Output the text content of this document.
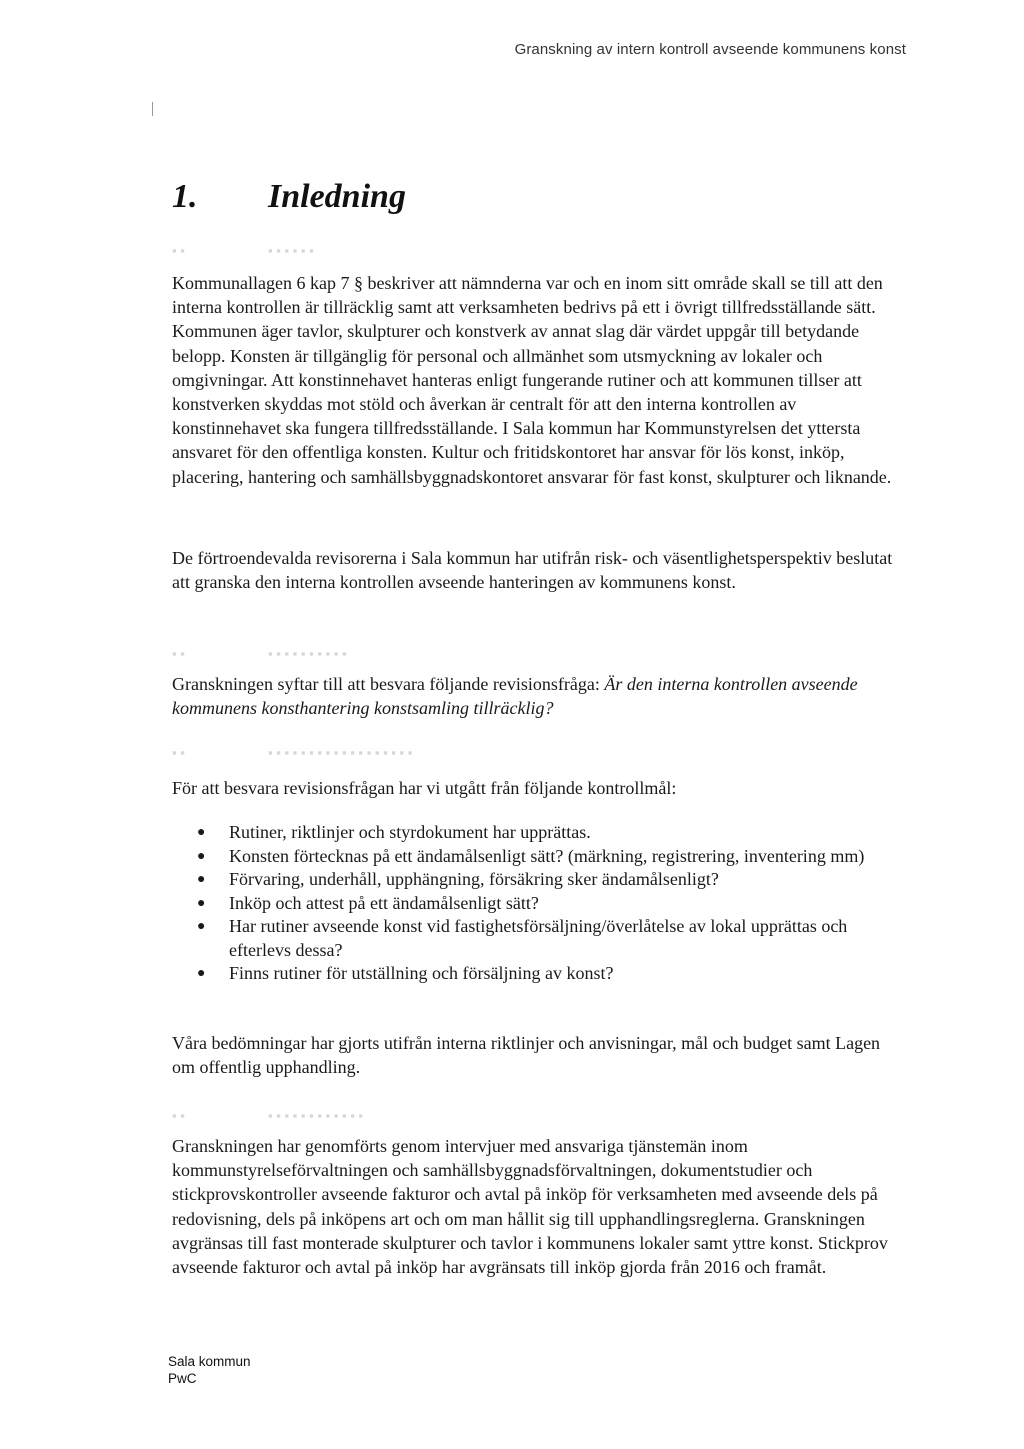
Granskning av intern kontroll avseende kommunens konst
1.	Inledning
▪ ▪	▪ ▪ ▪ ▪ ▪ ▪

Kommunallagen 6 kap 7 § beskriver att nämnderna var och en inom sitt område skall se till att den interna kontrollen är tillräcklig samt att verksamheten bedrivs på ett i övrigt tillfredsställande sätt. Kommunen äger tavlor, skulpturer och konstverk av annat slag där värdet uppgår till betydande belopp. Konsten är tillgänglig för personal och allmänhet som utsmyckning av lokaler och omgivningar. Att konstinnehavet hanteras enligt fungerande rutiner och att kommunen tillser att konstverken skyddas mot stöld och åverkan är centralt för att den interna kontrollen av konstinnehavet ska fungera tillfredsställande. I Sala kommun har Kommunstyrelsen det yttersta ansvaret för den offentliga konsten. Kultur och fritidskontoret har ansvar för lös konst, inköp, placering, hantering och samhällsbyggnadskontoret ansvarar för fast konst, skulpturer och liknande.

De förtroendevalda revisorerna i Sala kommun har utifrån risk- och väsentlighetsperspektiv beslutat att granska den interna kontrollen avseende hanteringen av kommunens konst.

▪ ▪	▪ ▪ ▪ ▪ ▪ ▪ ▪ ▪ ▪ ▪

Granskningen syftar till att besvara följande revisionsfråga: Är den interna kontrollen avseende kommunens konsthantering konstsamling tillräcklig?

▪ ▪	▪ ▪ ▪ ▪ ▪ ▪ ▪ ▪ ▪ ▪ ▪ ▪ ▪ ▪ ▪ ▪ ▪ ▪

För att besvara revisionsfrågan har vi utgått från följande kontrollmål:

● Rutiner, riktlinjer och styrdokument har upprättas.
● Konsten förtecknas på ett ändamålsenligt sätt? (märkning, registrering, inventering mm)
● Förvaring, underhåll, upphängning, försäkring sker ändamålsenligt?
● Inköp och attest på ett ändamålsenligt sätt?
● Har rutiner avseende konst vid fastighetsförsäljning/överlåtelse av lokal upprättas och efterlevs dessa?
● Finns rutiner för utställning och försäljning av konst?

Våra bedömningar har gjorts utifrån interna riktlinjer och anvisningar, mål och budget samt Lagen om offentlig upphandling.

▪ ▪	▪ ▪ ▪ ▪ ▪ ▪ ▪ ▪ ▪ ▪ ▪ ▪

Granskningen har genomförts genom intervjuer med ansvariga tjänstemän inom kommunstyrelseförvaltningen och samhällsbyggnadsförvaltningen, dokumentstudier och stickprovskontroller avseende fakturor och avtal på inköp för verksamheten med avseende dels på redovisning, dels på inköpens art och om man hållit sig till upphandlingsreglerna. Granskningen avgränsas till fast monterade skulpturer och tavlor i kommunens lokaler samt yttre konst. Stickprov avseende fakturor och avtal på inköp har avgränsats till inköp gjorda från 2016 och framåt.

Sala kommun
PwC
